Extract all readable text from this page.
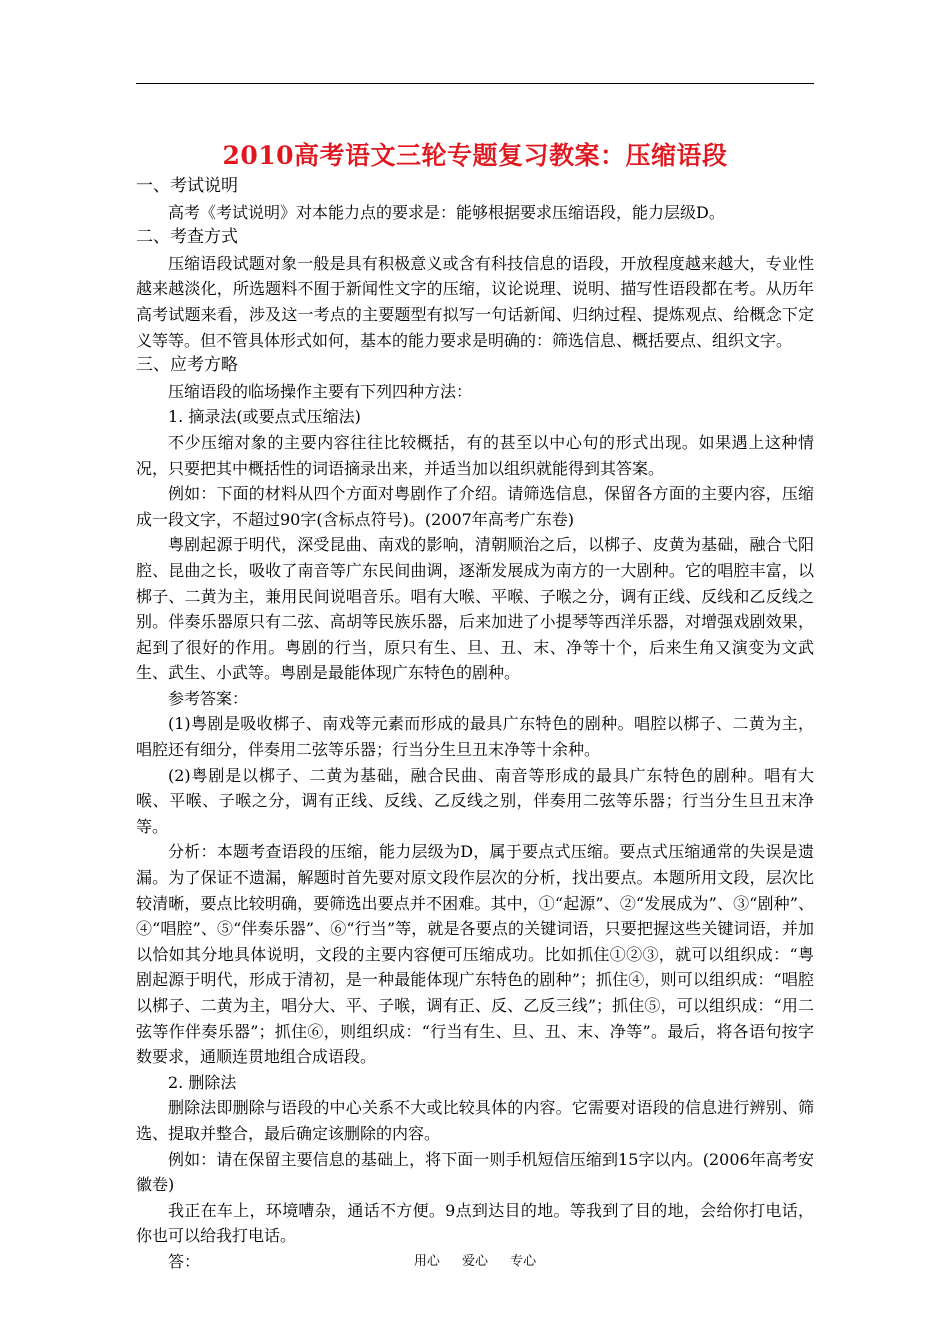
2010高考语文三轮专题复习教案：压缩语段

一、考试说明

高考《考试说明》对本能力点的要求是：能够根据要求压缩语段，能力层级D。

二、考查方式

压缩语段试题对象一般是具有积极意义或含有科技信息的语段，开放程度越来越大，专业性越来越淡化，所选题料不囿于新闻性文字的压缩，议论说理、说明、描写性语段都在考。从历年高考试题来看，涉及这一考点的主要题型有拟写一句话新闻、归纳过程、提炼观点、给概念下定义等等。但不管具体形式如何，基本的能力要求是明确的：筛选信息、概括要点、组织文字。

三、应考方略

压缩语段的临场操作主要有下列四种方法：

1. 摘录法(或要点式压缩法)

不少压缩对象的主要内容往往比较概括，有的甚至以中心句的形式出现。如果遇上这种情况，只要把其中概括性的词语摘录出来，并适当加以组织就能得到其答案。

例如：下面的材料从四个方面对粤剧作了介绍。请筛选信息，保留各方面的主要内容，压缩成一段文字，不超过90字(含标点符号)。(2007年高考广东卷)

粤剧起源于明代，深受昆曲、南戏的影响，清朝顺治之后，以梆子、皮黄为基础，融合弋阳腔、昆曲之长，吸收了南音等广东民间曲调，逐渐发展成为南方的一大剧种。它的唱腔丰富，以梆子、二黄为主，兼用民间说唱音乐。唱有大喉、平喉、子喉之分，调有正线、反线和乙反线之别。伴奏乐器原只有二弦、高胡等民族乐器，后来加进了小提琴等西洋乐器，对增强戏剧效果，起到了很好的作用。粤剧的行当，原只有生、旦、丑、末、净等十个，后来生角又演变为文武生、武生、小武等。粤剧是最能体现广东特色的剧种。

参考答案：

(1)粤剧是吸收梆子、南戏等元素而形成的最具广东特色的剧种。唱腔以梆子、二黄为主，唱腔还有细分，伴奏用二弦等乐器；行当分生旦丑末净等十余种。

(2)粤剧是以梆子、二黄为基础，融合民曲、南音等形成的最具广东特色的剧种。唱有大喉、平喉、子喉之分，调有正线、反线、乙反线之别，伴奏用二弦等乐器；行当分生旦丑末净等。

分析：本题考查语段的压缩，能力层级为D，属于要点式压缩。要点式压缩通常的失误是遗漏。为了保证不遗漏，解题时首先要对原文段作层次的分析，找出要点。本题所用文段，层次比较清晰，要点比较明确，要筛选出要点并不困难。其中，①“起源”、②“发展成为”、③“剧种”、④“唱腔”、⑤“伴奏乐器”、⑥“行当”等，就是各要点的关键词语，只要把握这些关键词语，并加以恰如其分地具体说明，文段的主要内容便可压缩成功。比如抓住①②③，就可以组织成：“粤剧起源于明代，形成于清初，是一种最能体现广东特色的剧种”；抓住④，则可以组织成：“唱腔以梆子、二黄为主，唱分大、平、子喉，调有正、反、乙反三线”；抓住⑤，可以组织成：“用二弦等作伴奏乐器”；抓住⑥，则组织成：“行当有生、旦、丑、末、净等”。最后，将各语句按字数要求，通顺连贯地组合成语段。

2. 删除法

删除法即删除与语段的中心关系不大或比较具体的内容。它需要对语段的信息进行辨别、筛选、提取并整合，最后确定该删除的内容。

例如：请在保留主要信息的基础上，将下面一则手机短信压缩到15字以内。(2006年高考安徽卷)

我正在车上，环境嘈杂，通话不方便。9点到达目的地。等我到了目的地，会给你打电话，你也可以给我打电话。

答：	用心 爱心 专心
